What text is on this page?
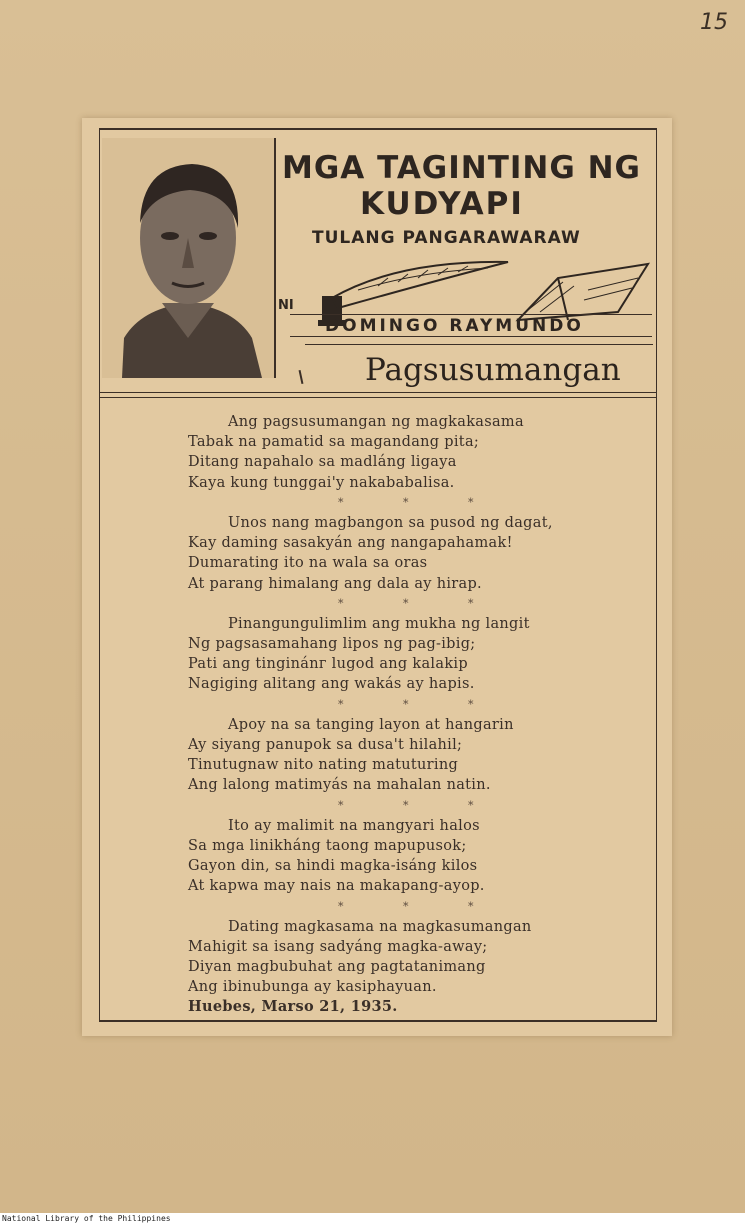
15
MGA TAGINTING NG
KUDYAPI
TULANG PANGARAWARAW
NI
DOMINGO RAYMUNDO
Pagsusumangan
Ang pagsusumangan ng magkakasama
Tabak na pamatid sa magandang pita;
Ditang napahalo sa madláng ligaya
Kaya kung tunggai'y nakababalisa.
* * *
Unos nang magbangon sa pusod ng dagat,
Kay daming sasakyán ang nangapahamak!
Dumarating ito na wala sa oras
At parang himalang ang dala ay hirap.
* * *
Pinangungulimlim ang mukha ng langit
Ng pagsasamahang lipos ng pag-ibig;
Pati ang tinginánг lugod ang kalakip
Nagiging alitang ang wakás ay hapis.
* * *
Apoy na sa tanging layon at hangarin
Ay siyang panupok sa dusa't hilahil;
Tinutugnaw nito nating matuturing
Ang lalong matimyás na mahalan natin.
* * *
Ito ay malimit na mangyari halos
Sa mga linikháng taong mapupusok;
Gayon din, sa hindi magka-isáng kilos
At kapwa may nais na makapang-ayop.
* * *
Dating magkasama na magkasumangan
Mahigit sa isang sadyáng magka-away;
Diyan magbubuhat ang pagtatanimang
Ang ibinubunga ay kasiphayuan.
Huebes, Marso 21, 1935.
National Library of the Philippines
